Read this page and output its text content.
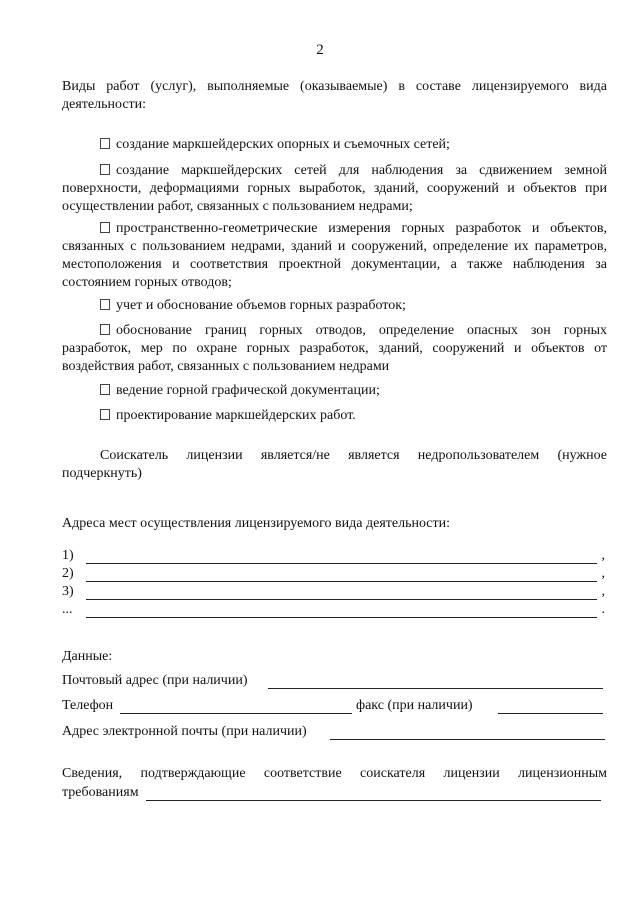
2
Виды работ (услуг), выполняемые (оказываемые) в составе лицензируемого вида деятельности:
создание маркшейдерских опорных и съемочных сетей;
создание маркшейдерских сетей для наблюдения за сдвижением земной поверхности, деформациями горных выработок, зданий, сооружений и объектов при осуществлении работ, связанных с пользованием недрами;
пространственно-геометрические измерения горных разработок и объектов, связанных с пользованием недрами, зданий и сооружений, определение их параметров, местоположения и соответствия проектной документации, а также наблюдения за состоянием горных отводов;
учет и обоснование объемов горных разработок;
обоснование границ горных отводов, определение опасных зон горных разработок, мер по охране горных разработок, зданий, сооружений и объектов от воздействия работ, связанных с пользованием недрами
ведение горной графической документации;
проектирование маркшейдерских работ.
Соискатель лицензии является/не является недропользователем (нужное подчеркнуть)
Адреса мест осуществления лицензируемого вида деятельности:
1)	,
2)	,
3)	,
...	.
Данные:
Почтовый адрес (при наличии)
Телефон	факс (при наличии)
Адрес электронной почты (при наличии)
Сведения, подтверждающие соответствие соискателя лицензии лицензионным
требованиям
